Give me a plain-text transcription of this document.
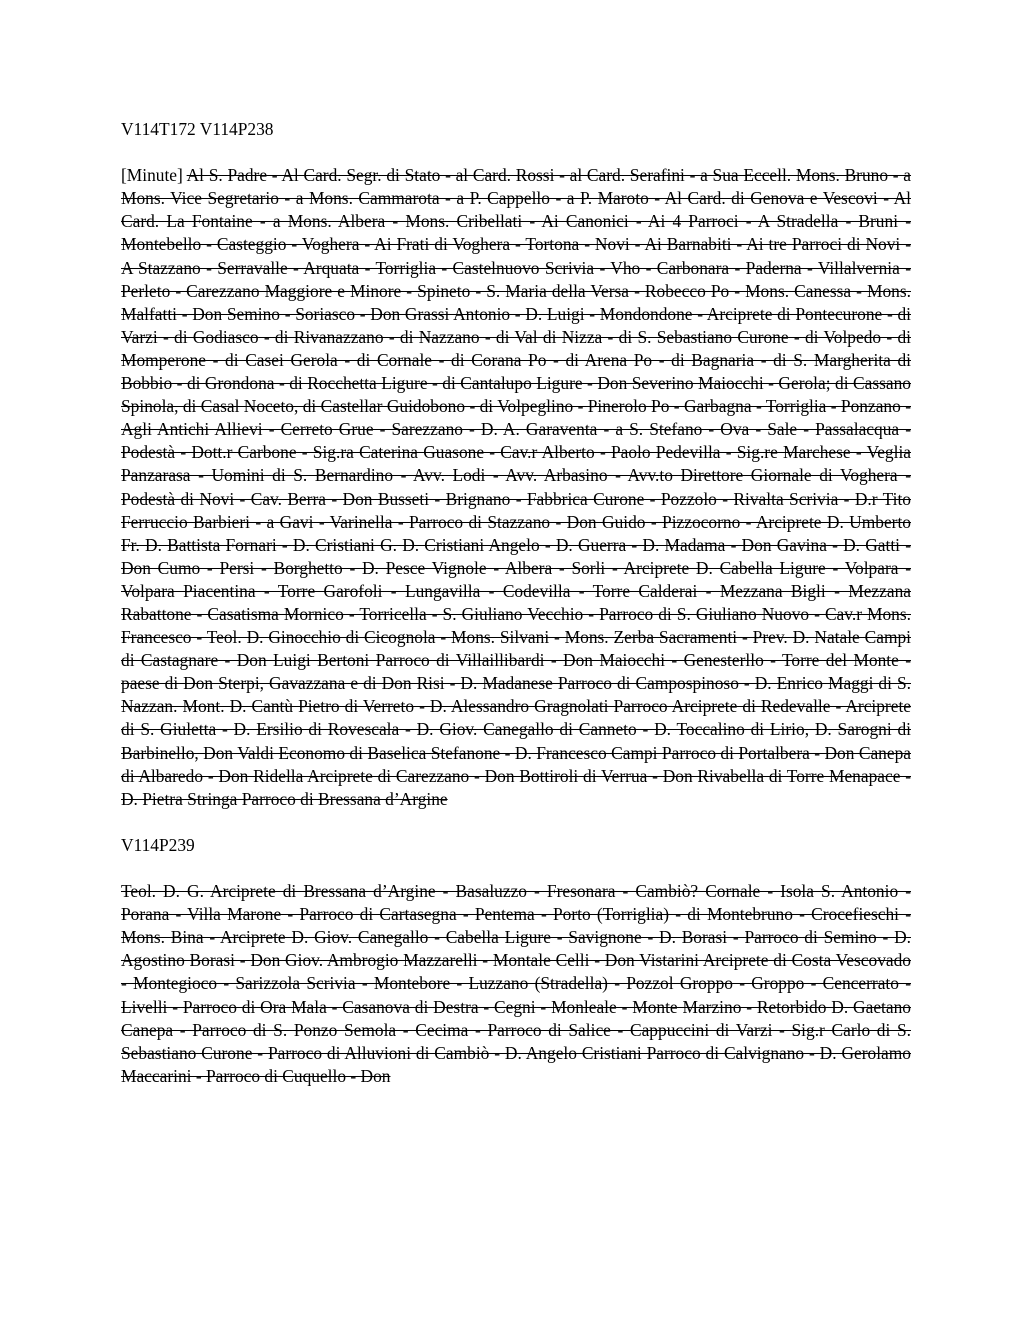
V114T172 V114P238

[Minute] Al S. Padre - Al Card. Segr. di Stato - al Card. Rossi - al Card. Serafini - a Sua Eccell. Mons. Bruno - a Mons. Vice Segretario - a Mons. Cammarota - a P. Cappello - a P. Maroto - Al Card. di Genova e Vescovi - Al Card. La Fontaine - a Mons. Albera - Mons. Cribellati - Ai Canonici - Ai 4 Parroci - A Stradella - Bruni - Montebello - Casteggio - Voghera - Ai Frati di Voghera - Tortona - Novi - Ai Barnabiti - Ai tre Parroci di Novi - A Stazzano - Serravalle - Arquata - Torriglia - Castelnuovo Scrivia - Vho - Carbonara - Paderna - Villalvernia - Perleto - Carezzano Maggiore e Minore - Spineto - S. Maria della Versa - Robecco Po - Mons. Canessa - Mons. Malfatti - Don Semino - Soriasco - Don Grassi Antonio - D. Luigi - Mondondone - Arciprete di Pontecurone - di Varzi - di Godiasco - di Rivanazzano - di Nazzano - di Val di Nizza - di S. Sebastiano Curone - di Volpedo - di Momperone - di Casei Gerola - di Cornale - di Corana Po - di Arena Po - di Bagnaria - di S. Margherita di Bobbio - di Grondona - di Rocchetta Ligure - di Cantalupo Ligure - Don Severino Maiocchi - Gerola; di Cassano Spinola, di Casal Noceto, di Castellar Guidobono - di Volpeglino - Pinerolo Po - Garbagna - Torriglia - Ponzano - Agli Antichi Allievi - Cerreto Grue - Sarezzano - D. A. Garaventa - a S. Stefano - Ova - Sale - Passalacqua - Podestà - Dott.r Carbone - Sig.ra Caterina Guasone - Cav.r Alberto - Paolo Pedevilla - Sig.re Marchese - Veglia Panzarasa - Uomini di S. Bernardino - Avv. Lodi - Avv. Arbasino - Avv.to Direttore Giornale di Voghera - Podestà di Novi - Cav. Berra - Don Busseti - Brignano - Fabbrica Curone - Pozzolo - Rivalta Scrivia - D.r Tito Ferruccio Barbieri - a Gavi - Varinella - Parroco di Stazzano - Don Guido - Pizzocorno - Arciprete D. Umberto Fr. D. Battista Fornari - D. Cristiani G. D. Cristiani Angelo - D. Guerra - D. Madama - Don Gavina - D. Gatti - Don Cumo - Persi - Borghetto - D. Pesce Vignole - Albera - Sorli - Arciprete D. Cabella Ligure - Volpara - Volpara Piacentina - Torre Garofoli - Lungavilla - Codevilla - Torre Calderai - Mezzana Bigli - Mezzana Rabattone - Casatisma Mornico - Torricella - S. Giuliano Vecchio - Parroco di S. Giuliano Nuovo - Cav.r Mons. Francesco - Teol. D. Ginocchio di Cicognola - Mons. Silvani - Mons. Zerba Sacramenti - Prev. D. Natale Campi di Castagnare - Don Luigi Bertoni Parroco di Villaillibardi - Don Maiocchi - Genesterllo - Torre del Monte - paese di Don Sterpi, Gavazzana e di Don Risi - D. Madanese Parroco di Campospinoso - D. Enrico Maggi di S. Nazzan. Mont. D. Cantù Pietro di Verreto - D. Alessandro Gragnolati Parroco Arciprete di Redevalle - Arciprete di S. Giuletta - D. Ersilio di Rovescala - D. Giov. Canegallo di Canneto - D. Toccalino di Lirio, D. Sarogni di Barbinello, Don Valdi Economo di Baselica Stefanone - D. Francesco Campi Parroco di Portalbera - Don Canepa di Albaredo - Don Ridella Arciprete di Carezzano - Don Bottiroli di Verrua - Don Rivabella di Torre Menapace - D. Pietra Stringa Parroco di Bressana d’Argine

V114P239

Teol. D. G. Arciprete di Bressana d’Argine - Basaluzzo - Fresonara - Cambiò? Cornale - Isola S. Antonio - Porana - Villa Marone - Parroco di Cartasegna - Pentema - Porto (Torriglia) - di Montebruno - Crocefieschi - Mons. Bina - Arciprete D. Giov. Canegallo - Cabella Ligure - Savignone - D. Borasi - Parroco di Semino - D. Agostino Borasi - Don Giov. Ambrogio Mazzarelli - Montale Celli - Don Vistarini Arciprete di Costa Vescovado - Montegioco - Sarizzola Scrivia - Montebore - Luzzano (Stradella) - Pozzol Groppo - Groppo - Cencerrato - Livelli - Parroco di Ora Mala - Casanova di Destra - Cegni - Monleale - Monte Marzino - Retorbido D. Gaetano Canepa - Parroco di S. Ponzo Semola - Cecima - Parroco di Salice - Cappuccini di Varzi - Sig.r Carlo di S. Sebastiano Curone - Parroco di Alluvioni di Cambiò - D. Angelo Cristiani Parroco di Calvignano - D. Gerolamo Maccarini - Parroco di Cuquello - Don
